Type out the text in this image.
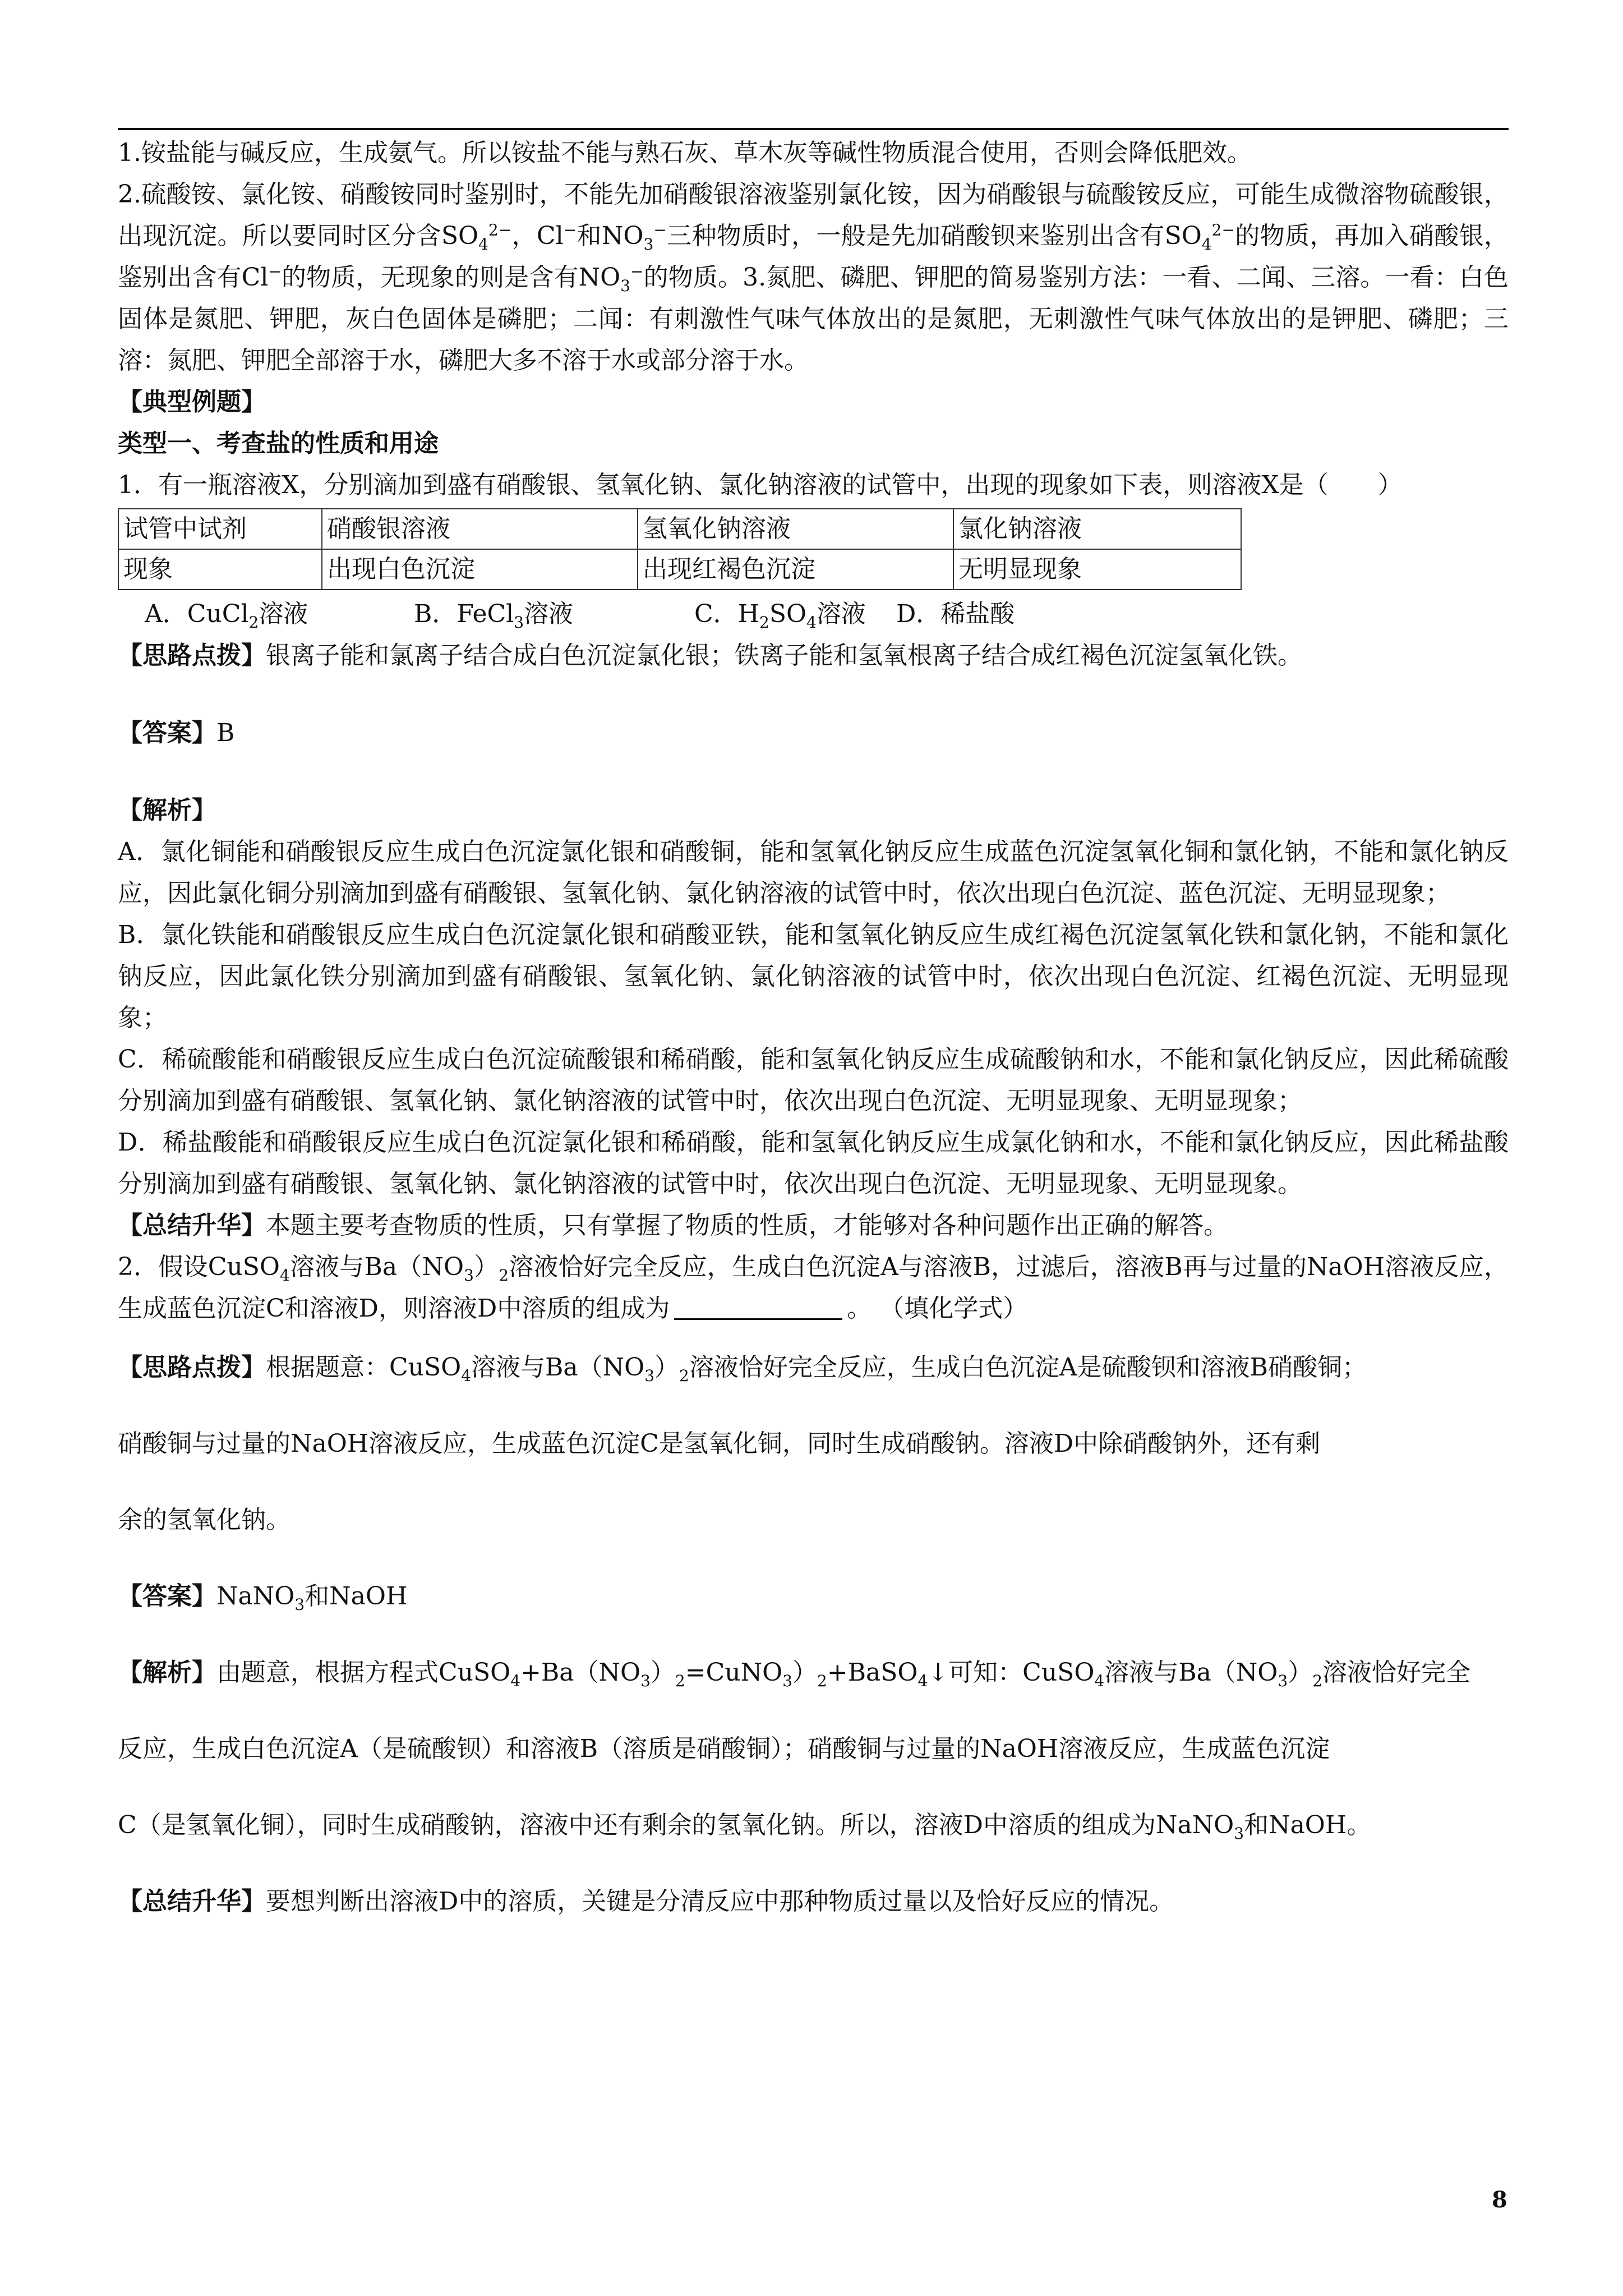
1.铵盐能与碱反应，生成氨气。所以铵盐不能与熟石灰、草木灰等碱性物质混合使用，否则会降低肥效。

2.硫酸铵、氯化铵、硝酸铵同时鉴别时，不能先加硝酸银溶液鉴别氯化铵，因为硝酸银与硫酸铵反应，可能生成微溶物硫酸银，出现沉淀。所以要同时区分含$SO_4^{2-}$，Cl−和$NO_3^-$三种物质时，一般是先加硝酸钡来鉴别出含有$SO_4^{2-}$的物质，再加入硝酸银，鉴别出含有Cl−的物质，无现象的则是含有$NO_3^-$的物质。3.氮肥、磷肥、钾肥的简易鉴别方法：一看、二闻、三溶。一看：白色固体是氮肥、钾肥，灰白色固体是磷肥；二闻：有刺激性气味气体放出的是氮肥，无刺激性气味气体放出的是钾肥、磷肥；三溶：氮肥、钾肥全部溶于水，磷肥大多不溶于水或部分溶于水。

【典型例题】

类型一、考查盐的性质和用途

1．有一瓶溶液X，分别滴加到盛有硝酸银、氢氧化钠、氯化钠溶液的试管中，出现的现象如下表，则溶液X是（　　）

试管中试剂	硝酸银溶液	氢氧化钠溶液	氯化钠溶液
现象	出现白色沉淀	出现红褐色沉淀	无明显现象

A．CuCl$_2$溶液	B．FeCl$_3$溶液	C．$H_2SO_4$溶液 D．稀盐酸

【思路点拨】银离子能和氯离子结合成白色沉淀氯化银；铁离子能和氢氧根离子结合成红褐色沉淀氢氧化铁。

【答案】B

【解析】

A．氯化铜能和硝酸银反应生成白色沉淀氯化银和硝酸铜，能和氢氧化钠反应生成蓝色沉淀氢氧化铜和氯化钠，不能和氯化钠反应，因此氯化铜分别滴加到盛有硝酸银、氢氧化钠、氯化钠溶液的试管中时，依次出现白色沉淀、蓝色沉淀、无明显现象；

B．氯化铁能和硝酸银反应生成白色沉淀氯化银和硝酸亚铁，能和氢氧化钠反应生成红褐色沉淀氢氧化铁和氯化钠，不能和氯化钠反应，因此氯化铁分别滴加到盛有硝酸银、氢氧化钠、氯化钠溶液的试管中时，依次出现白色沉淀、红褐色沉淀、无明显现象；

C．稀硫酸能和硝酸银反应生成白色沉淀硫酸银和稀硝酸，能和氢氧化钠反应生成硫酸钠和水，不能和氯化钠反应，因此稀硫酸分别滴加到盛有硝酸银、氢氧化钠、氯化钠溶液的试管中时，依次出现白色沉淀、无明显现象、无明显现象；

D．稀盐酸能和硝酸银反应生成白色沉淀氯化银和稀硝酸，能和氢氧化钠反应生成氯化钠和水，不能和氯化钠反应，因此稀盐酸分别滴加到盛有硝酸银、氢氧化钠、氯化钠溶液的试管中时，依次出现白色沉淀、无明显现象、无明显现象。

【总结升华】本题主要考查物质的性质，只有掌握了物质的性质，才能够对各种问题作出正确的解答。

2．假设CuSO$_4$溶液与$Ba(NO_3)_2$溶液恰好完全反应，生成白色沉淀A与溶液B，过滤后，溶液B再与过量的NaOH溶液反应，生成蓝色沉淀C和溶液D，则溶液D中溶质的组成为	。 （填化学式）

【思路点拨】根据题意：CuSO$_4$溶液与$Ba(NO_3)_2$溶液恰好完全反应，生成白色沉淀A是硫酸钡和溶液B硝酸铜；

硝酸铜与过量的NaOH溶液反应，生成蓝色沉淀C是氢氧化铜，同时生成硝酸钠。溶液D中除硝酸钠外，还有剩

余的氢氧化钠。

【答案】NaNO$_3$和NaOH

【解析】由题意，根据方程式$CuSO_4+Ba(NO_3)_2=CuNO_3)_2+BaSO_4↓$可知：CuSO$_4$溶液与$Ba(NO_3)_2$溶液恰好完全

反应，生成白色沉淀A（是硫酸钡）和溶液B（溶质是硝酸铜）；硝酸铜与过量的NaOH溶液反应，生成蓝色沉淀

C（是氢氧化铜），同时生成硝酸钠，溶液中还有剩余的氢氧化钠。所以，溶液D中溶质的组成为NaNO$_3$和NaOH。

【总结升华】要想判断出溶液D中的溶质，关键是分清反应中那种物质过量以及恰好反应的情况。

8
